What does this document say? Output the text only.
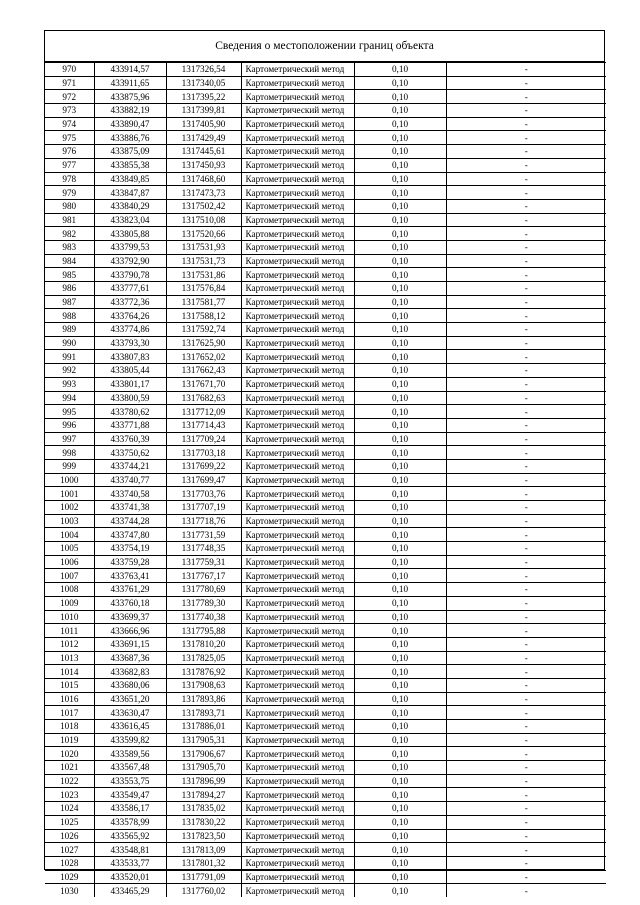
Сведения о местоположении границ объекта
970	433914,57	1317326,54	Картометрический метод	0,10	-
971	433911,65	1317340,05	Картометрический метод	0,10	-
972	433875,96	1317395,22	Картометрический метод	0,10	-
973	433882,19	1317399,81	Картометрический метод	0,10	-
974	433890,47	1317405,90	Картометрический метод	0,10	-
975	433886,76	1317429,49	Картометрический метод	0,10	-
976	433875,09	1317445,61	Картометрический метод	0,10	-
977	433855,38	1317450,93	Картометрический метод	0,10	-
978	433849,85	1317468,60	Картометрический метод	0,10	-
979	433847,87	1317473,73	Картометрический метод	0,10	-
980	433840,29	1317502,42	Картометрический метод	0,10	-
981	433823,04	1317510,08	Картометрический метод	0,10	-
982	433805,88	1317520,66	Картометрический метод	0,10	-
983	433799,53	1317531,93	Картометрический метод	0,10	-
984	433792,90	1317531,73	Картометрический метод	0,10	-
985	433790,78	1317531,86	Картометрический метод	0,10	-
986	433777,61	1317576,84	Картометрический метод	0,10	-
987	433772,36	1317581,77	Картометрический метод	0,10	-
988	433764,26	1317588,12	Картометрический метод	0,10	-
989	433774,86	1317592,74	Картометрический метод	0,10	-
990	433793,30	1317625,90	Картометрический метод	0,10	-
991	433807,83	1317652,02	Картометрический метод	0,10	-
992	433805,44	1317662,43	Картометрический метод	0,10	-
993	433801,17	1317671,70	Картометрический метод	0,10	-
994	433800,59	1317682,63	Картометрический метод	0,10	-
995	433780,62	1317712,09	Картометрический метод	0,10	-
996	433771,88	1317714,43	Картометрический метод	0,10	-
997	433760,39	1317709,24	Картометрический метод	0,10	-
998	433750,62	1317703,18	Картометрический метод	0,10	-
999	433744,21	1317699,22	Картометрический метод	0,10	-
1000	433740,77	1317699,47	Картометрический метод	0,10	-
1001	433740,58	1317703,76	Картометрический метод	0,10	-
1002	433741,38	1317707,19	Картометрический метод	0,10	-
1003	433744,28	1317718,76	Картометрический метод	0,10	-
1004	433747,80	1317731,59	Картометрический метод	0,10	-
1005	433754,19	1317748,35	Картометрический метод	0,10	-
1006	433759,28	1317759,31	Картометрический метод	0,10	-
1007	433763,41	1317767,17	Картометрический метод	0,10	-
1008	433761,29	1317780,69	Картометрический метод	0,10	-
1009	433760,18	1317789,30	Картометрический метод	0,10	-
1010	433699,37	1317740,38	Картометрический метод	0,10	-
1011	433666,96	1317795,88	Картометрический метод	0,10	-
1012	433691,15	1317810,20	Картометрический метод	0,10	-
1013	433687,36	1317825,05	Картометрический метод	0,10	-
1014	433682,83	1317876,92	Картометрический метод	0,10	-
1015	433680,06	1317908,63	Картометрический метод	0,10	-
1016	433651,20	1317893,86	Картометрический метод	0,10	-
1017	433630,47	1317893,71	Картометрический метод	0,10	-
1018	433616,45	1317886,01	Картометрический метод	0,10	-
1019	433599,82	1317905,31	Картометрический метод	0,10	-
1020	433589,56	1317906,67	Картометрический метод	0,10	-
1021	433567,48	1317905,70	Картометрический метод	0,10	-
1022	433553,75	1317896,99	Картометрический метод	0,10	-
1023	433549,47	1317894,27	Картометрический метод	0,10	-
1024	433586,17	1317835,02	Картометрический метод	0,10	-
1025	433578,99	1317830,22	Картометрический метод	0,10	-
1026	433565,92	1317823,50	Картометрический метод	0,10	-
1027	433548,81	1317813,09	Картометрический метод	0,10	-
1028	433533,77	1317801,32	Картометрический метод	0,10	-
1029	433520,01	1317791,09	Картометрический метод	0,10	-
1030	433465,29	1317760,02	Картометрический метод	0,10	-
